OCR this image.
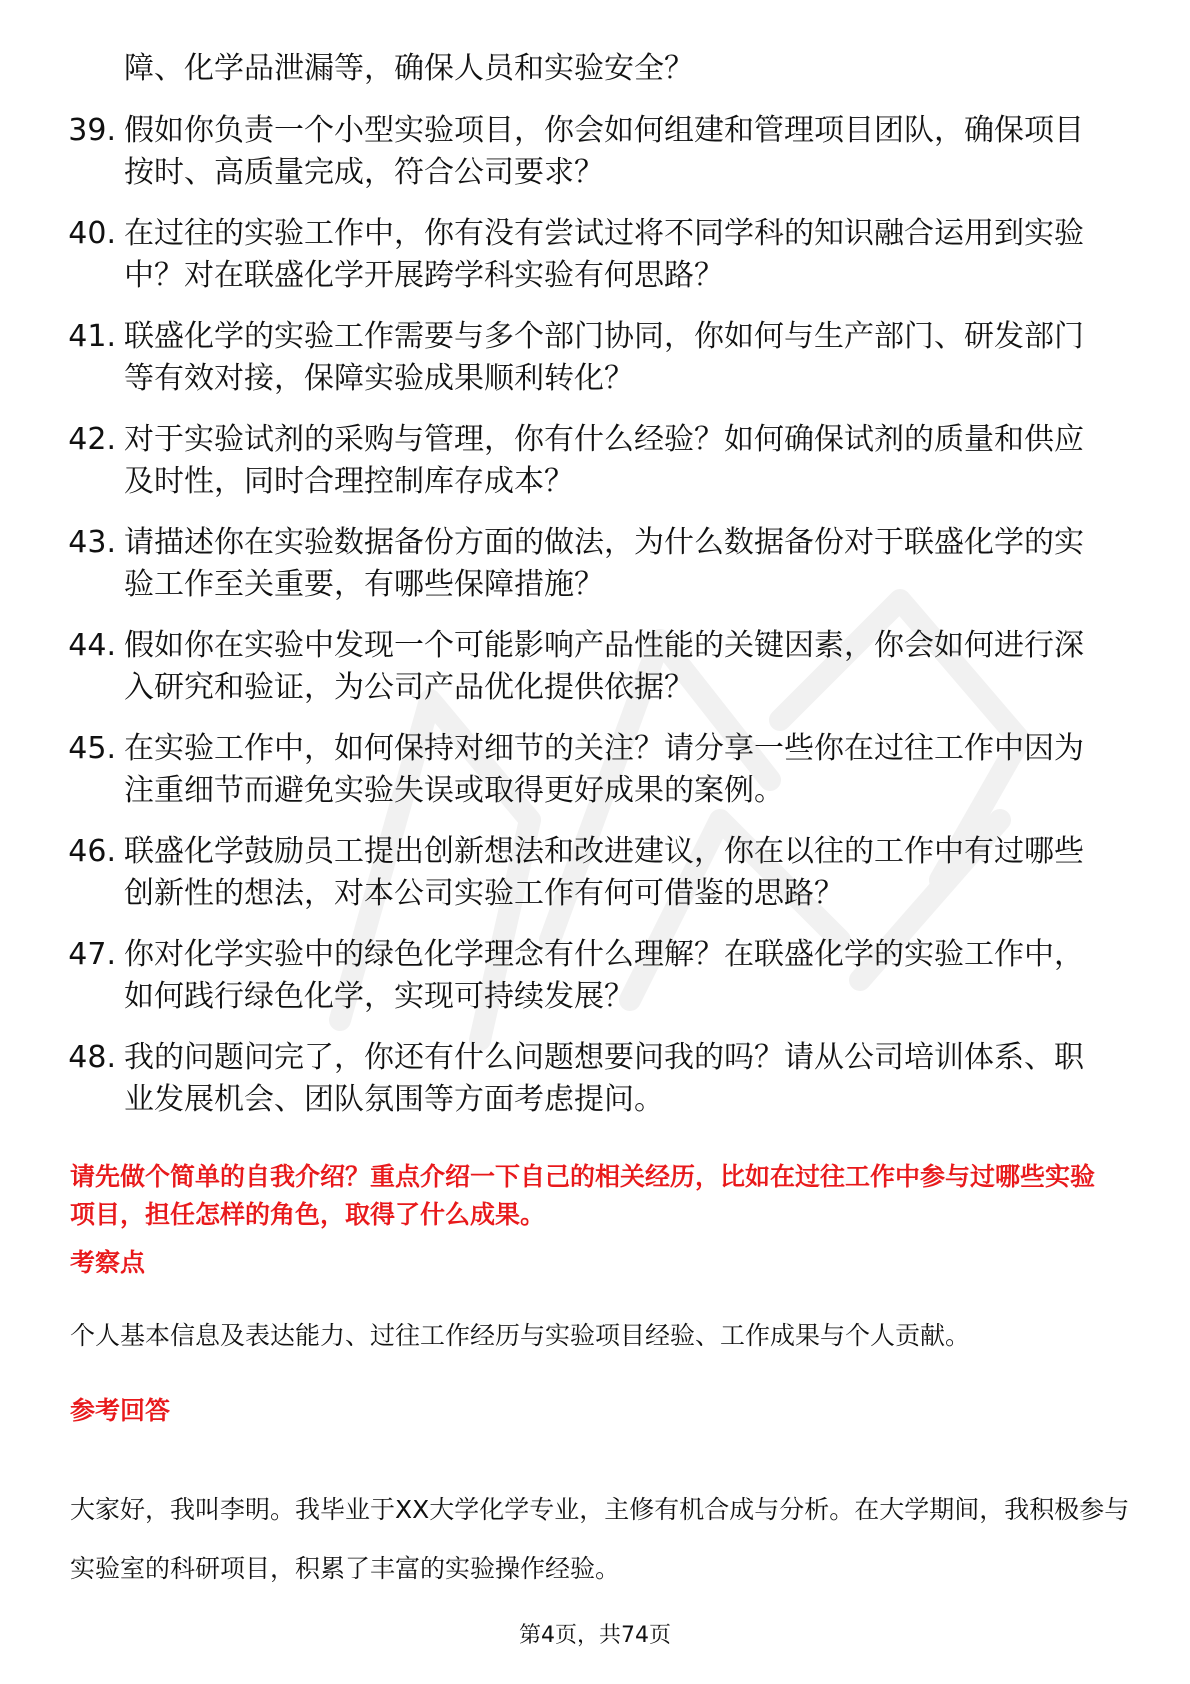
障、化学品泄漏等，确保人员和实验安全？

39. 假如你负责一个小型实验项目，你会如何组建和管理项目团队，确保项目按时、高质量完成，符合公司要求？
40. 在过往的实验工作中，你有没有尝试过将不同学科的知识融合运用到实验中？对在联盛化学开展跨学科实验有何思路？
41. 联盛化学的实验工作需要与多个部门协同，你如何与生产部门、研发部门等有效对接，保障实验成果顺利转化？
42. 对于实验试剂的采购与管理，你有什么经验？如何确保试剂的质量和供应及时性，同时合理控制库存成本？
43. 请描述你在实验数据备份方面的做法，为什么数据备份对于联盛化学的实验工作至关重要，有哪些保障措施？
44. 假如你在实验中发现一个可能影响产品性能的关键因素，你会如何进行深入研究和验证，为公司产品优化提供依据？
45. 在实验工作中，如何保持对细节的关注？请分享一些你在过往工作中因为注重细节而避免实验失误或取得更好成果的案例。
46. 联盛化学鼓励员工提出创新想法和改进建议，你在以往的工作中有过哪些创新性的想法，对本公司实验工作有何可借鉴的思路？
47. 你对化学实验中的绿色化学理念有什么理解？在联盛化学的实验工作中，如何践行绿色化学，实现可持续发展？
48. 我的问题问完了，你还有什么问题想要问我的吗？请从公司培训体系、职业发展机会、团队氛围等方面考虑提问。

请先做个简单的自我介绍？重点介绍一下自己的相关经历，比如在过往工作中参与过哪些实验项目，担任怎样的角色，取得了什么成果。

考察点

个人基本信息及表达能力、过往工作经历与实验项目经验、工作成果与个人贡献。

参考回答

大家好，我叫李明。我毕业于XX大学化学专业，主修有机合成与分析。在大学期间，我积极参与实验室的科研项目，积累了丰富的实验操作经验。

第4页，共74页
